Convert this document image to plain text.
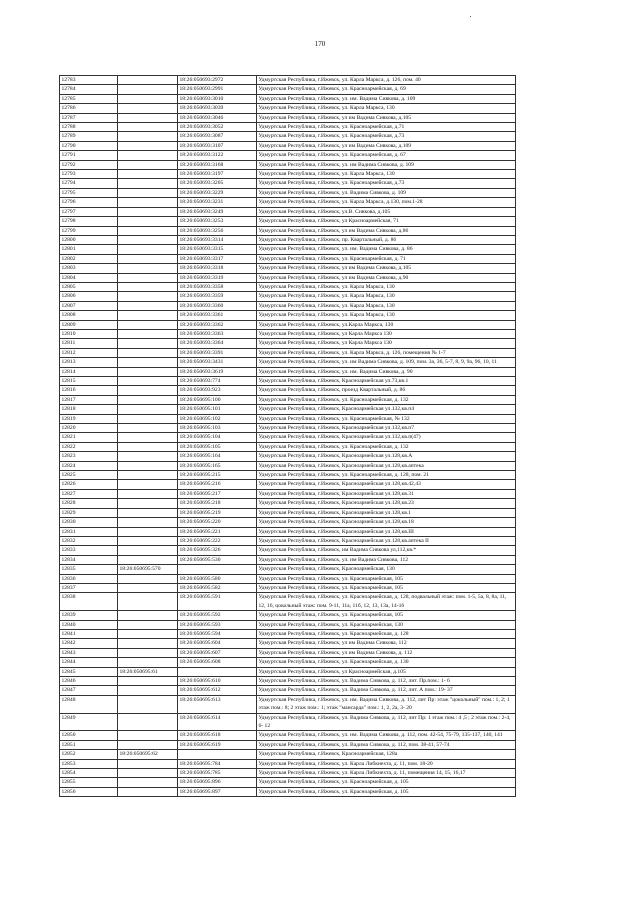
170
12783		18:26:050693:2972	Удмуртская Республика, г.Ижевск, ул. Карла Маркса, д. 126, пом. 40
12784		18:26:050693:2991	Удмуртская Республика, г.Ижевск, ул. Красноармейская, д. 69
12785		18:26:050693:3010	Удмуртская Республика, г.Ижевск, ул. им. Вадима Сивкова, д. 109
12786		18:26:050693:3039	Удмуртская Республика, г.Ижевск, ул. Карла Маркса, 130
12787		18:26:050693:3046	Удмуртская Республика, г.Ижевск, ул им Вадима Сивкова, д.105
12788		18:26:050693:3052	Удмуртская Республика, г.Ижевск, ул. Красноармейская, д.71
12789		18:26:050693:3087	Удмуртская Республика, г.Ижевск, ул. Красноармейская, д.73
12790		18:26:050693:3107	Удмуртская Республика, г.Ижевск, ул им Вадима Сивкова, д.109
12791		18:26:050693:3122	Удмуртская Республика, г.Ижевск, ул. Красноармейская, д. 67
12792		18:26:050693:3168	Удмуртская Республика, г.Ижевск, ул. им Вадима Сивкова, д. 109
12793		18:26:050693:3197	Удмуртская Республика, г.Ижевск, ул. Карла Маркса, 130
12794		18:26:050693:3205	Удмуртская Республика, г.Ижевск, ул. Красноармейская, д.73
12795		18:26:050693:3229	Удмуртская Республика, г.Ижевск, ул. Вадима Сивкова, д. 109
12796		18:26:050693:3231	Удмуртская Республика, г.Ижевск, ул. Карла Маркса, д.130, пом.1-28
12797		18:26:050693:3249	Удмуртская Республика, г.Ижевск, ул.В. Сивкова, д.105
12798		18:26:050693:3253	Удмуртская Республика, г.Ижевск, ул Красноармейская, 71
12799		18:26:050693:3256	Удмуртская Республика, г.Ижевск, ул им Вадима Сивкова, д.86
12800		18:26:050693:3314	Удмуртская Республика, г.Ижевск, пр. Квартальный, д. 86
12801		18:26:050693:3315	Удмуртская Республика, г.Ижевск, ул. им. Вадима Сивкова, д. 86
12802		18:26:050693:3317	Удмуртская Республика, г.Ижевск, ул. Красноармейская, д. 71
12803		18:26:050693:3318	Удмуртская Республика, г.Ижевск, ул им Вадима Сивкова, д.105
12804		18:26:050693:3319	Удмуртская Республика, г.Ижевск, ул им Вадима Сивкова, д.90
12805		18:26:050693:3358	Удмуртская Республика, г.Ижевск, ул. Карла Маркса, 130
12806		18:26:050693:3359	Удмуртская Республика, г.Ижевск, ул. Карла Маркса, 130
12807		18:26:050693:3360	Удмуртская Республика, г.Ижевск, ул. Карла Маркса, 130
12808		18:26:050693:3361	Удмуртская Республика, г.Ижевск, ул. Карла Маркса, 130
12809		18:26:050693:3362	Удмуртская Республика, г.Ижевск, ул.Карла Маркса, 130
12810		18:26:050693:3363	Удмуртская Республика, г.Ижевск, ул Карла Маркса 130
12811		18:26:050693:3364	Удмуртская Республика, г.Ижевск, ул Карла Маркса 130
12812		18:26:050693:3391	Удмуртская Республика, г.Ижевск, ул. Карла Маркса, д. 126, помещения № 1-7
12813		18:26:050693:3431	Удмуртская Республика, г.Ижевск, ул. им Вадима Сивкова, д. 109, пом. 3а, 36, 5-7, 8, 9, 9а, 96, 10, 11
12814		18:26:050693:3619	Удмуртская Республика, г.Ижевск, ул. им. Вадима Сивкова, д. 90
12815		18:26:050693:774	Удмуртская Республика, г.Ижевск, Красноармейская ул.73,кв.1
12816		18:26:050693:923	Удмуртская Республика, г.Ижевск, проезд Квартальный, д. 86
12817		18:26:050695:100	Удмуртская Республика, г.Ижевск, ул. Красноармейская, д. 132
12818		18:26:050695:101	Удмуртская Республика, г.Ижевск, Красноармейская ул.132,кв.п4
12819		18:26:050695:102	Удмуртская Республика, г.Ижевск, ул. Красноармейская, № 132
12820		18:26:050695:103	Удмуртская Республика, г.Ижевск, Красноармейская ул.132,кв.п7
12821		18:26:050695:104	Удмуртская Республика, г.Ижевск, Красноармейская ул.132,кв.п(47)
12822		18:26:050695:105	Удмуртская Республика, г.Ижевск, ул. Красноармейская, д. 132
12823		18:26:050695:164	Удмуртская Республика, г.Ижевск, Красноармейская ул.128,кв.А
12824		18:26:050695:165	Удмуртская Республика, г.Ижевск, Красноармейская ул.128,кв.аптека
12825		18:26:050695:215	Удмуртская Республика, г.Ижевск, ул. Красноармейская, д. 128, пом. 21
12826		18:26:050695:216	Удмуртская Республика, г.Ижевск, Красноармейская ул.128,кв.42,43
12827		18:26:050695:217	Удмуртская Республика, г.Ижевск, Красноармейская ул.128,кв.31
12828		18:26:050695:218	Удмуртская Республика, г.Ижевск, Красноармейская ул.128,кв.23
12829		18:26:050695:219	Удмуртская Республика, г.Ижевск, Красноармейская ул.128,кв.1
12830		18:26:050695:220	Удмуртская Республика, г.Ижевск, Красноармейская ул.128,кв.18
12831		18:26:050695:221	Удмуртская Республика, г.Ижевск, Красноармейская ул.128,кв.III
12832		18:26:050695:222	Удмуртская Республика, г.Ижевск, Красноармейская ул.128,кв.аптека II
12833		18:26:050695:326	Удмуртская Республика, г.Ижевск, им Вадима Сивкова ул,112,кв.*
12834		18:26:050695:530	Удмуртская Республика, г.Ижевск, ул. им Вадима Сивкова, 112
12835	18:26:050695:570		Удмуртская Республика, г.Ижевск, Красноармейская, 130
12836		18:26:050695:580	Удмуртская Республика, г.Ижевск, ул. Красноармейская, 105
12837		18:26:050695:582	Удмуртская Республика, г.Ижевск, ул. Красноармейская, 105
12838		18:26:050695:591	Удмуртская Республика, г.Ижевск, ул. Красноармейская, д. 128, подвальный этаж: пом. 1-5, 5а, 8, 8а, 11, 12, 16, цокольный этаж: пом. 9-11, 11а, 11б, 12, 13, 13а, 14-16
12839		18:26:050695:592	Удмуртская Республика, г.Ижевск, ул. Красноармейская, 105
12840		18:26:050695:593	Удмуртская Республика, г.Ижевск, ул. Красноармейская, 130
12841		18:26:050695:594	Удмуртская Республика, г.Ижевск, ул. Красноармейская, д. 128
12842		18:26:050695:604	Удмуртская Республика, г.Ижевск, ул им Вадима Сивкова, 112
12843		18:26:050695:607	Удмуртская Республика, г.Ижевск, ул им Вадима Сивкова, д. 112
12844		18:26:050695:608	Удмуртская Республика, г.Ижевск, ул. Красноармейская, д. 130
12845	18:26:050695:61		Удмуртская Республика, г.Ижевск, ул Красноармейская, д.105
12846		18:26:050695:610	Удмуртская Республика, г.Ижевск, ул. Вадима Сивкова, д. 112, лит. Пр.пом.: 1- 6
12847		18:26:050695:612	Удмуртская Республика, г.Ижевск, ул. Вадима Сивкова, д. 112, лит. А пом.: 19- 37
12848		18:26:050695:613	Удмуртская Республика, г.Ижевск, ул. им. Вадима Сивкова, д. 112, лит Пр: этаж "цокольный" пом.: 1, 2; 1 этаж пом.: 8; 2 этаж пом.: 1; этаж "мансарда" пом.: 1, 2, 2а, 3- 20
12849		18:26:050695:614	Удмуртская Республика, г.Ижевск, ул. Вадима Сивкова, д. 112, лит Пр: 1 этаж пом.: 4 ,5 ; 2 этаж пом.: 2-4, 6- 12
12850		18:26:050695:618	Удмуртская Республика, г.Ижевск, ул. им. Вадима Сивкова, д. 112, пом. 42-54, 75-79, 135-137, 140, 141
12851		18:26:050695:619	Удмуртская Республика, г.Ижевск, ул. Вадима Сивкова, д. 112, пом. 38-41, 57-74
12852	18:26:050695:62		Удмуртская Республика, г.Ижевск, Красноармейская, 128а
12853		18:26:050695:784	Удмуртская Республика, г.Ижевск, ул. Карла Либкнехта, д. 11, пом. 18-20
12854		18:26:050695:785	Удмуртская Республика, г.Ижевск, ул. Карла Либкнехта, д. 11, помещения 14, 15, 16,17
12855		18:26:050695:896	Удмуртская Республика, г.Ижевск, ул. Красноармейская, д. 105
12856		18:26:050695:897	Удмуртская Республика, г.Ижевск, ул. Красноармейская, д. 105
